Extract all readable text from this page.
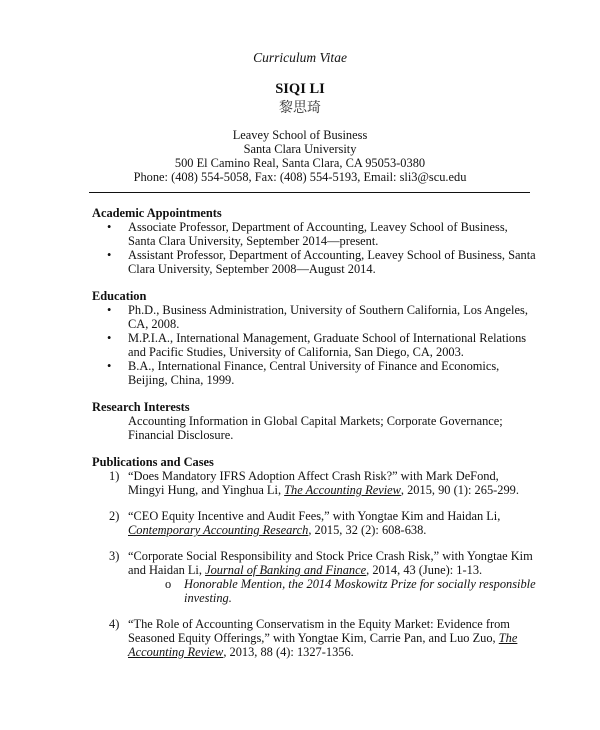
Curriculum Vitae
SIQI LI
黎思琦
Leavey School of Business
Santa Clara University
500 El Camino Real, Santa Clara, CA 95053-0380
Phone: (408) 554-5058, Fax: (408) 554-5193, Email: sli3@scu.edu
Academic Appointments
• Associate Professor, Department of Accounting, Leavey School of Business,
Santa Clara University, September 2014—present.
• Assistant Professor, Department of Accounting, Leavey School of Business, Santa
Clara University, September 2008—August 2014.
Education
• Ph.D., Business Administration, University of Southern California, Los Angeles,
CA, 2008.
• M.P.I.A., International Management, Graduate School of International Relations
and Pacific Studies, University of California, San Diego, CA, 2003.
• B.A., International Finance, Central University of Finance and Economics,
Beijing, China, 1999.
Research Interests
Accounting Information in Global Capital Markets; Corporate Governance;
Financial Disclosure.
Publications and Cases
1) “Does Mandatory IFRS Adoption Affect Crash Risk?” with Mark DeFond,
Mingyi Hung, and Yinghua Li, The Accounting Review, 2015, 90 (1): 265-299.
2) “CEO Equity Incentive and Audit Fees,” with Yongtae Kim and Haidan Li,
Contemporary Accounting Research, 2015, 32 (2): 608-638.
3) “Corporate Social Responsibility and Stock Price Crash Risk,” with Yongtae Kim
and Haidan Li, Journal of Banking and Finance, 2014, 43 (June): 1-13.
o Honorable Mention, the 2014 Moskowitz Prize for socially responsible
investing.
4) “The Role of Accounting Conservatism in the Equity Market: Evidence from
Seasoned Equity Offerings,” with Yongtae Kim, Carrie Pan, and Luo Zuo, The
Accounting Review, 2013, 88 (4): 1327-1356.
